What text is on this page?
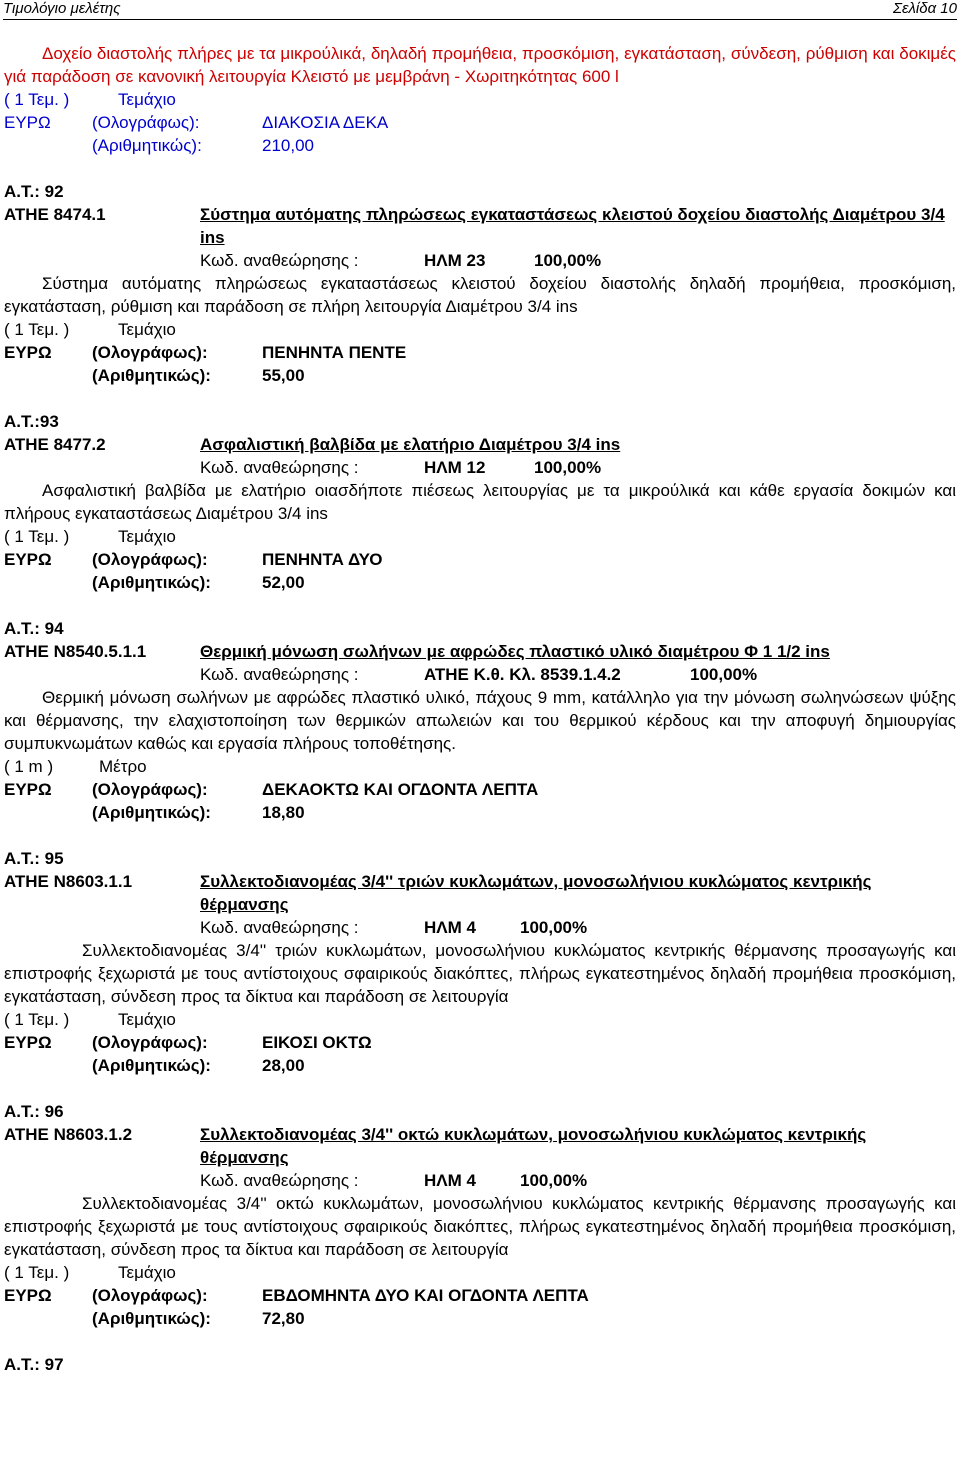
Τιμολόγιο μελέτης	Σελίδα 10
Δοχείο διαστολής πλήρες με τα μικρούλικά, δηλαδή προμήθεια, προσκόμιση, εγκατάσταση, σύνδεση, ρύθμιση και δοκιμές γιά παράδοση σε κανονική λειτουργία Κλειστό με μεμβράνη - Χωριτηκότητας 600 l
( 1 Τεμ. )	Τεμάχιο
ΕΥΡΩ (Ολογράφως):	ΔΙΑΚΟΣΙΑ ΔΕΚΑ
(Αριθμητικώς):	210,00
Α.Τ.: 92
ΑΤΗΕ 8474.1	Σύστημα αυτόματης πληρώσεως εγκαταστάσεως κλειστού δοχείου διαστολής Διαμέτρου 3/4 ins
Κωδ. αναθεώρησης :	ΗΛΜ 23	100,00%
Σύστημα αυτόματης πληρώσεως εγκαταστάσεως κλειστού δοχείου διαστολής δηλαδή προμήθεια, προσκόμιση, εγκατάσταση, ρύθμιση και παράδοση σε πλήρη λειτουργία Διαμέτρου 3/4 ins
( 1 Τεμ. )	Τεμάχιο
ΕΥΡΩ (Ολογράφως):	ΠΕΝΗΝΤΑ ΠΕΝΤΕ
(Αριθμητικώς):	55,00
Α.Τ.:93
ΑΤΗΕ 8477.2	Ασφαλιστική βαλβίδα με ελατήριο Διαμέτρου 3/4 ins
Κωδ. αναθεώρησης :	ΗΛΜ 12	100,00%
Ασφαλιστική βαλβίδα με ελατήριο οιασδήποτε πιέσεως λειτουργίας με τα μικρούλικά και κάθε εργασία δοκιμών και πλήρους εγκαταστάσεως Διαμέτρου 3/4 ins
( 1 Τεμ. )	Τεμάχιο
ΕΥΡΩ (Ολογράφως):	ΠΕΝΗΝΤΑ ΔΥΟ
(Αριθμητικώς):	52,00
Α.Τ.: 94
ΑΤΗΕ Ν8540.5.1.1	Θερμική μόνωση σωλήνων με αφρώδες πλαστικό υλικό διαμέτρου Φ 1 1/2 ins
Κωδ. αναθεώρησης :	ΑΤΗΕ Κ.θ. Κλ. 8539.1.4.2	100,00%
Θερμική μόνωση σωλήνων με αφρώδες πλαστικό υλικό, πάχους 9 mm, κατάλληλο για την μόνωση σωληνώσεων ψύξης και θέρμανσης, την ελαχιστοποίηση των θερμικών απωλειών και του θερμικού κέρδους και την αποφυγή δημιουργίας συμπυκνωμάτων καθώς και εργασία πλήρους τοποθέτησης.
( 1 m )	Μέτρο
ΕΥΡΩ (Ολογράφως):	ΔΕΚΑΟΚΤΩ ΚΑΙ ΟΓΔΟΝΤΑ ΛΕΠΤΑ
(Αριθμητικώς):	18,80
Α.Τ.: 95
ΑΤΗΕ Ν8603.1.1	Συλλεκτοδιανομέας 3/4'' τριών κυκλωμάτων, μονοσωλήνιου κυκλώματος κεντρικής θέρμανσης
Κωδ. αναθεώρησης :	ΗΛΜ 4	100,00%
Συλλεκτοδιανομέας 3/4'' τριών κυκλωμάτων, μονοσωλήνιου κυκλώματος κεντρικής θέρμανσης προσαγωγής και επιστροφής ξεχωριστά με τους αντίστοιχους σφαιρικούς διακόπτες, πλήρως εγκατεστημένος δηλαδή προμήθεια προσκόμιση, εγκατάσταση, σύνδεση προς τα δίκτυα και παράδοση σε λειτουργία
( 1 Τεμ. )	Τεμάχιο
ΕΥΡΩ (Ολογράφως):	ΕΙΚΟΣΙ ΟΚΤΩ
(Αριθμητικώς):	28,00
Α.Τ.: 96
ΑΤΗΕ Ν8603.1.2	Συλλεκτοδιανομέας 3/4'' οκτώ κυκλωμάτων, μονοσωλήνιου κυκλώματος κεντρικής θέρμανσης
Κωδ. αναθεώρησης :	ΗΛΜ 4	100,00%
Συλλεκτοδιανομέας 3/4'' οκτώ κυκλωμάτων, μονοσωλήνιου κυκλώματος κεντρικής θέρμανσης προσαγωγής και επιστροφής ξεχωριστά με τους αντίστοιχους σφαιρικούς διακόπτες, πλήρως εγκατεστημένος δηλαδή προμήθεια προσκόμιση, εγκατάσταση, σύνδεση προς τα δίκτυα και παράδοση σε λειτουργία
( 1 Τεμ. )	Τεμάχιο
ΕΥΡΩ (Ολογράφως):	ΕΒΔΟΜΗΝΤΑ ΔΥΟ ΚΑΙ ΟΓΔΟΝΤΑ ΛΕΠΤΑ
(Αριθμητικώς):	72,80
Α.Τ.: 97
